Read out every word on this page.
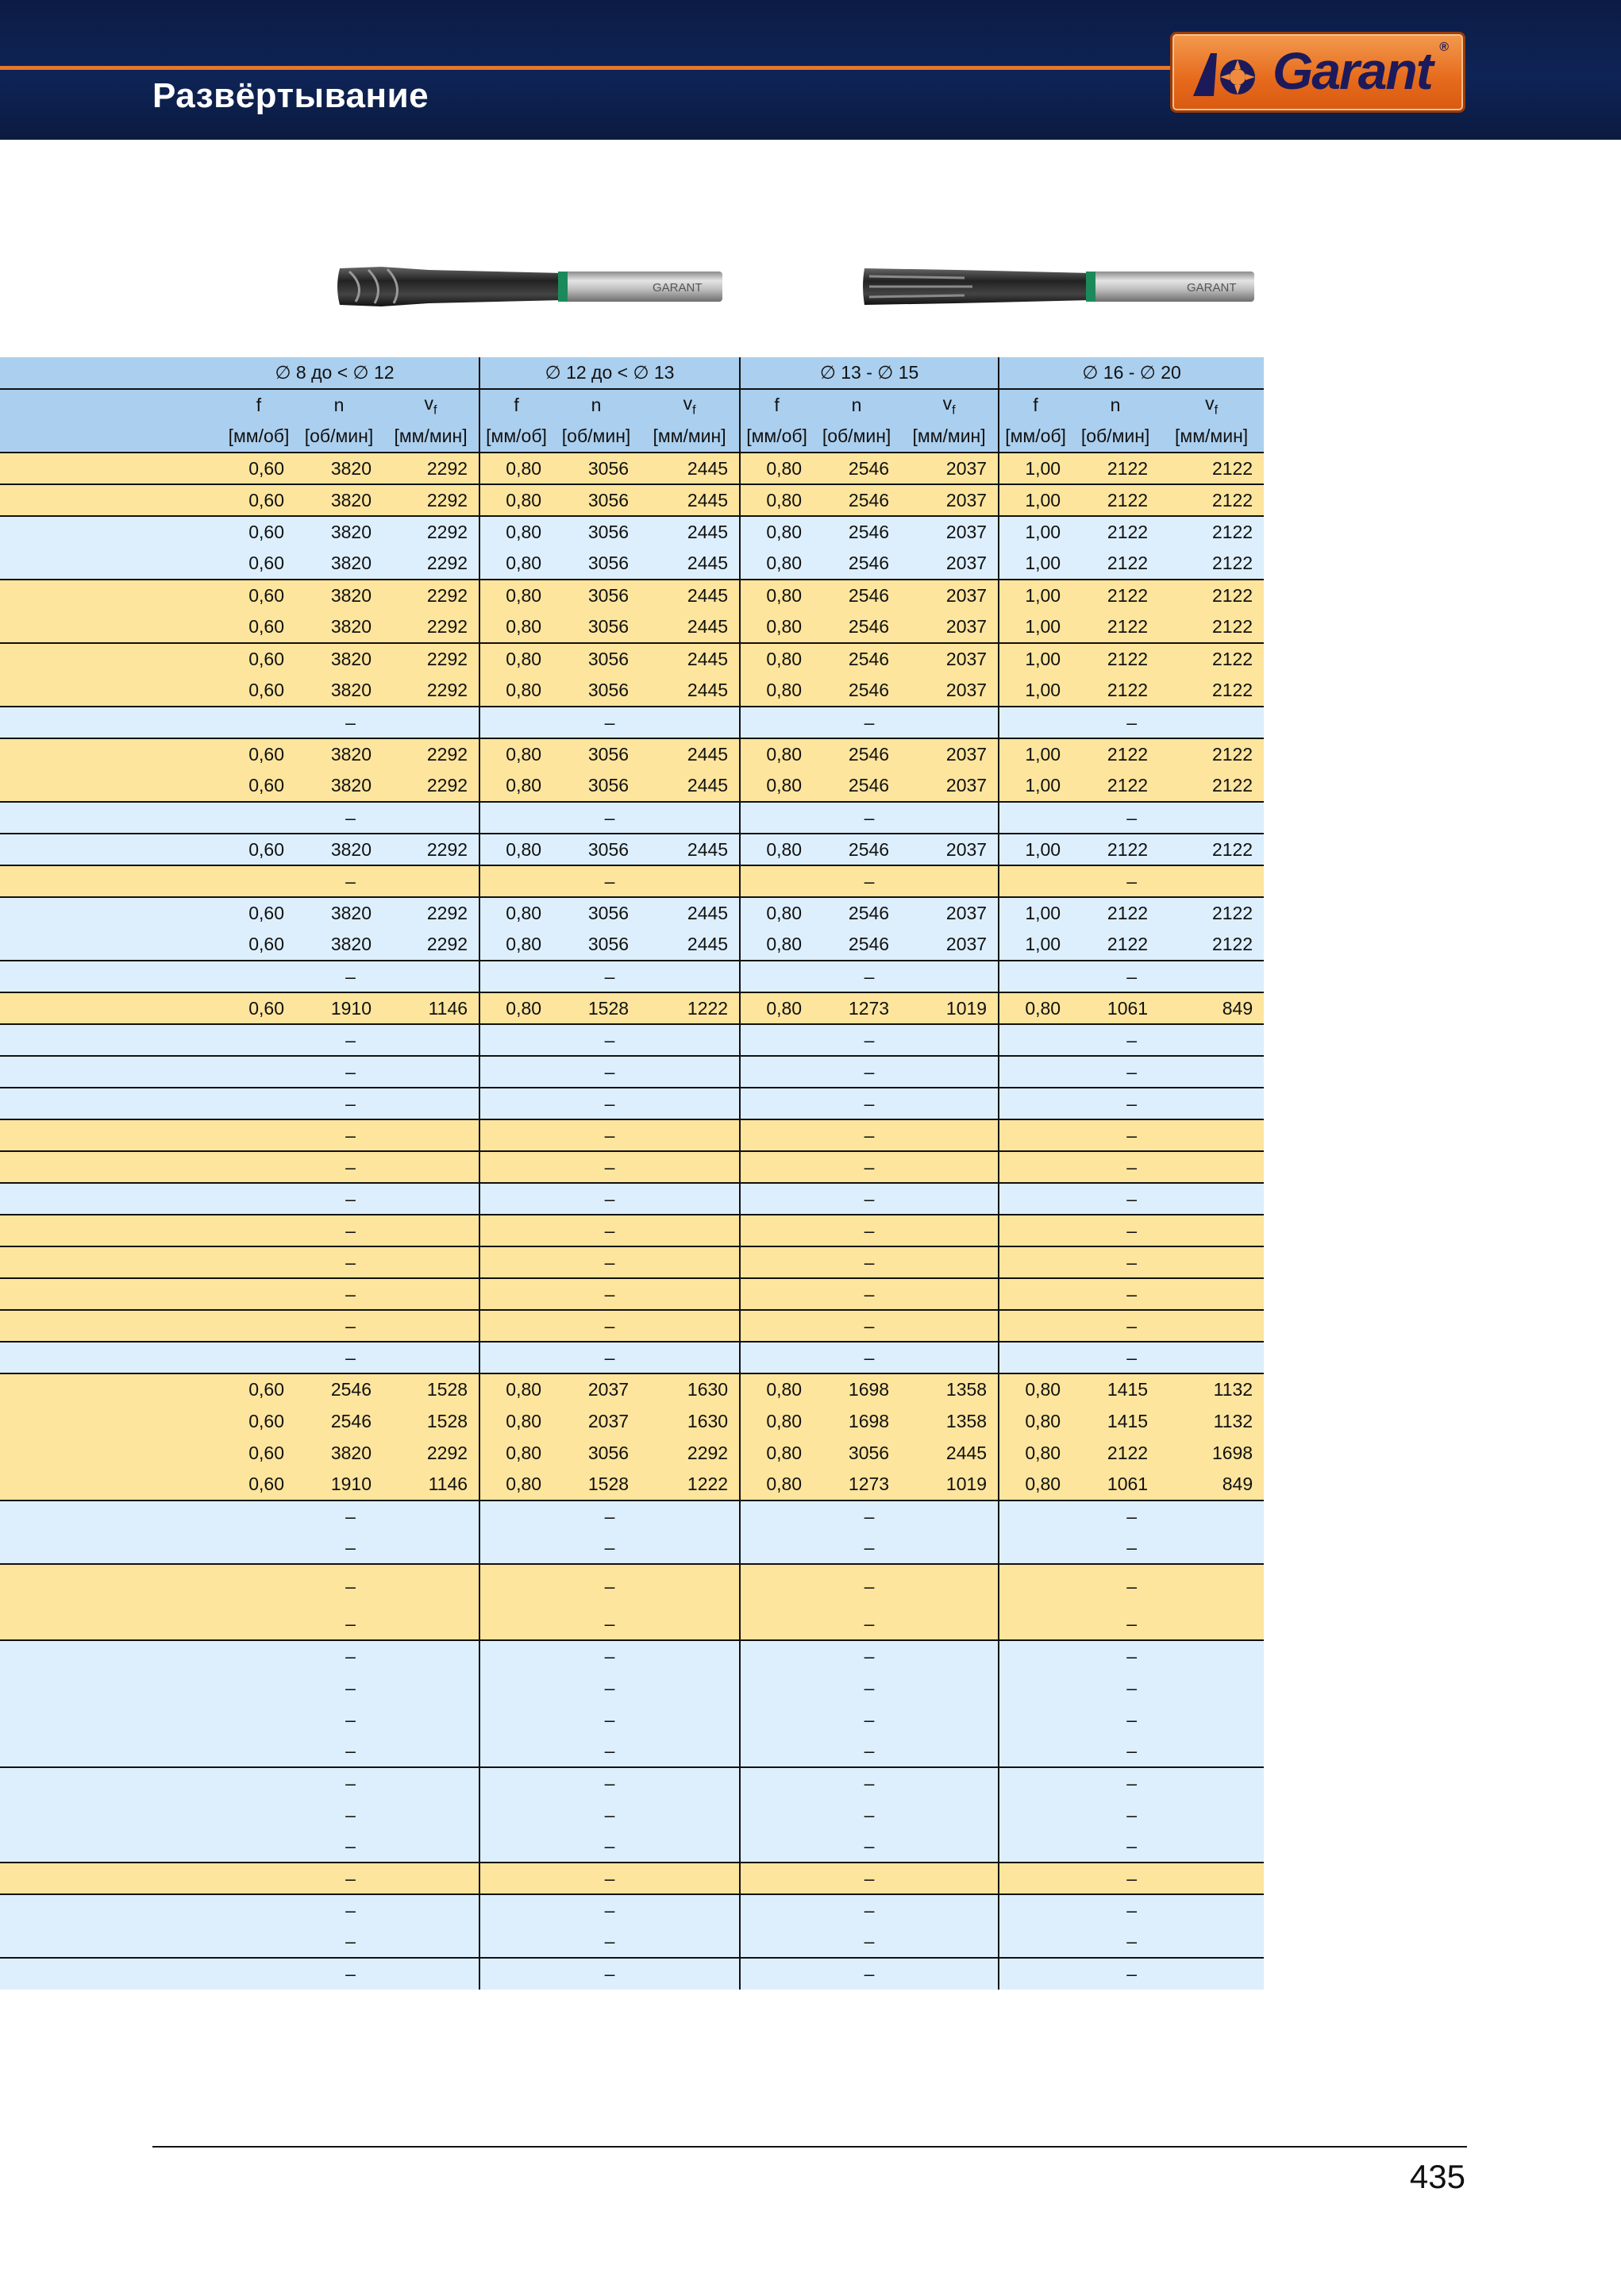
Развёртывание	Garant ®
GARANT	GARANT
∅ 8 до < ∅ 12				∅ 12 до < ∅ 13			∅ 13 - ∅ 15			∅ 16 - ∅ 20		
	f	n	$v_f$	f	n	$v_f$	f	n	$v_f$	f	n	$v_f$
	[мм/об]	[об/мин]	[мм/мин]	[мм/об]	[об/мин]	[мм/мин]	[мм/об]	[об/мин]	[мм/мин]	[мм/об]	[об/мин]	[мм/мин]
	0,60	3820	2292	0,80	3056	2445	0,80	2546	2037	1,00	2122	2122
	0,60	3820	2292	0,80	3056	2445	0,80	2546	2037	1,00	2122	2122
	0,60	3820	2292	0,80	3056	2445	0,80	2546	2037	1,00	2122	2122
	0,60	3820	2292	0,80	3056	2445	0,80	2546	2037	1,00	2122	2122
	0,60	3820	2292	0,80	3056	2445	0,80	2546	2037	1,00	2122	2122
	0,60	3820	2292	0,80	3056	2445	0,80	2546	2037	1,00	2122	2122
	0,60	3820	2292	0,80	3056	2445	0,80	2546	2037	1,00	2122	2122
	0,60	3820	2292	0,80	3056	2445	0,80	2546	2037	1,00	2122	2122
	–			–			–			–		
	0,60	3820	2292	0,80	3056	2445	0,80	2546	2037	1,00	2122	2122
	0,60	3820	2292	0,80	3056	2445	0,80	2546	2037	1,00	2122	2122
	–			–			–			–		
	0,60	3820	2292	0,80	3056	2445	0,80	2546	2037	1,00	2122	2122
	–			–			–			–		
	0,60	3820	2292	0,80	3056	2445	0,80	2546	2037	1,00	2122	2122
	0,60	3820	2292	0,80	3056	2445	0,80	2546	2037	1,00	2122	2122
	–			–			–			–		
	0,60	1910	1146	0,80	1528	1222	0,80	1273	1019	0,80	1061	849
	–			–			–			–		
	–			–			–			–		
	–			–			–			–		
	–			–			–			–		
	–			–			–			–		
	–			–			–			–		
	–			–			–			–		
	–			–			–			–		
	–			–			–			–		
	–			–			–			–		
	–			–			–			–		
	0,60	2546	1528	0,80	2037	1630	0,80	1698	1358	0,80	1415	1132
	0,60	2546	1528	0,80	2037	1630	0,80	1698	1358	0,80	1415	1132
	0,60	3820	2292	0,80	3056	2292	0,80	3056	2445	0,80	2122	1698
	0,60	1910	1146	0,80	1528	1222	0,80	1273	1019	0,80	1061	849
	–			–			–			–		
	–			–			–			–		
	–			–			–			–		
	–			–			–			–		
	–			–			–			–		
	–			–			–			–		
	–			–			–			–		
	–			–			–			–		
	–			–			–			–		
	–			–			–			–		
	–			–			–			–		
	–			–			–			–		
	–			–			–			–		
	–			–			–			–		
	–			–			–			–		
435
